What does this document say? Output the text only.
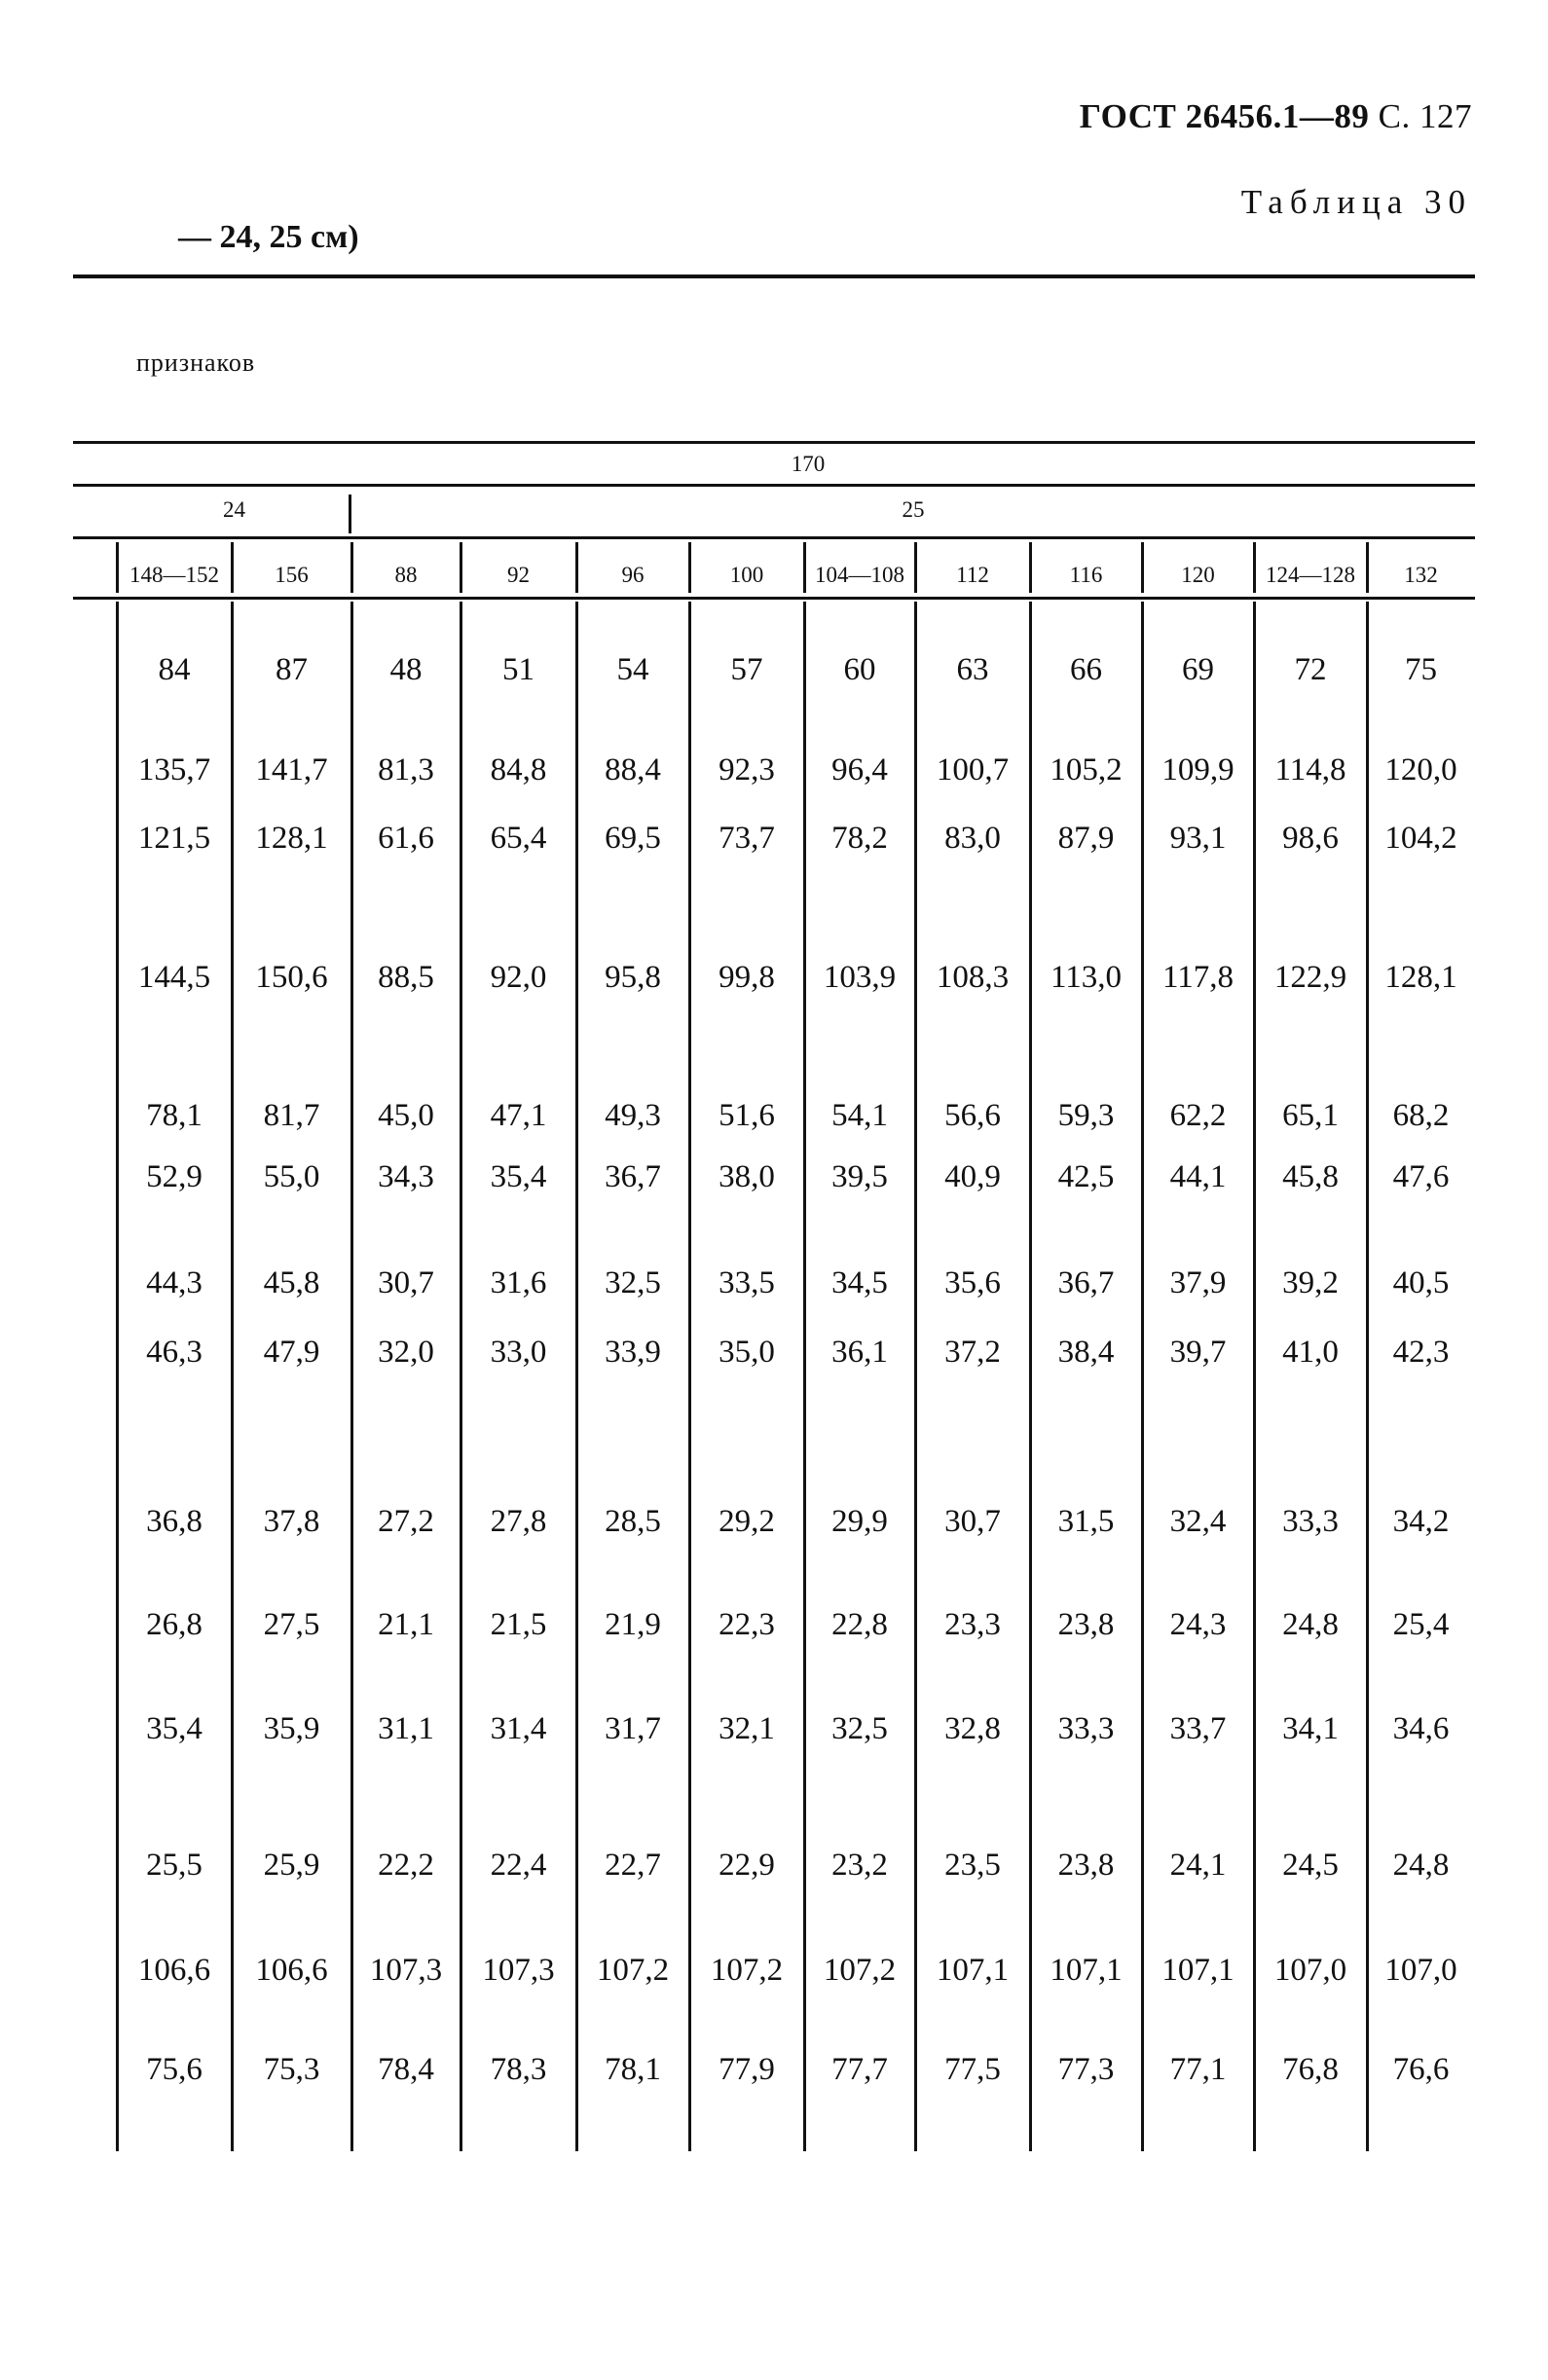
ГОСТ 26456.1—89 С. 127
Таблица 30
— 24, 25 см)
признаков
170
24	25
148—152	156	88	92	96	100	104—108	112	116	120	124—128	132
84	87	48	51	54	57	60	63	66	69	72	75
135,7	141,7	81,3	84,8	88,4	92,3	96,4	100,7	105,2	109,9	114,8	120,0
121,5	128,1	61,6	65,4	69,5	73,7	78,2	83,0	87,9	93,1	98,6	104,2
144,5	150,6	88,5	92,0	95,8	99,8	103,9	108,3	113,0	117,8	122,9	128,1
78,1	81,7	45,0	47,1	49,3	51,6	54,1	56,6	59,3	62,2	65,1	68,2
52,9	55,0	34,3	35,4	36,7	38,0	39,5	40,9	42,5	44,1	45,8	47,6
44,3	45,8	30,7	31,6	32,5	33,5	34,5	35,6	36,7	37,9	39,2	40,5
46,3	47,9	32,0	33,0	33,9	35,0	36,1	37,2	38,4	39,7	41,0	42,3
36,8	37,8	27,2	27,8	28,5	29,2	29,9	30,7	31,5	32,4	33,3	34,2
26,8	27,5	21,1	21,5	21,9	22,3	22,8	23,3	23,8	24,3	24,8	25,4
35,4	35,9	31,1	31,4	31,7	32,1	32,5	32,8	33,3	33,7	34,1	34,6
25,5	25,9	22,2	22,4	22,7	22,9	23,2	23,5	23,8	24,1	24,5	24,8
106,6	106,6	107,3	107,3	107,2	107,2	107,2	107,1	107,1	107,1	107,0	107,0
75,6	75,3	78,4	78,3	78,1	77,9	77,7	77,5	77,3	77,1	76,8	76,6
